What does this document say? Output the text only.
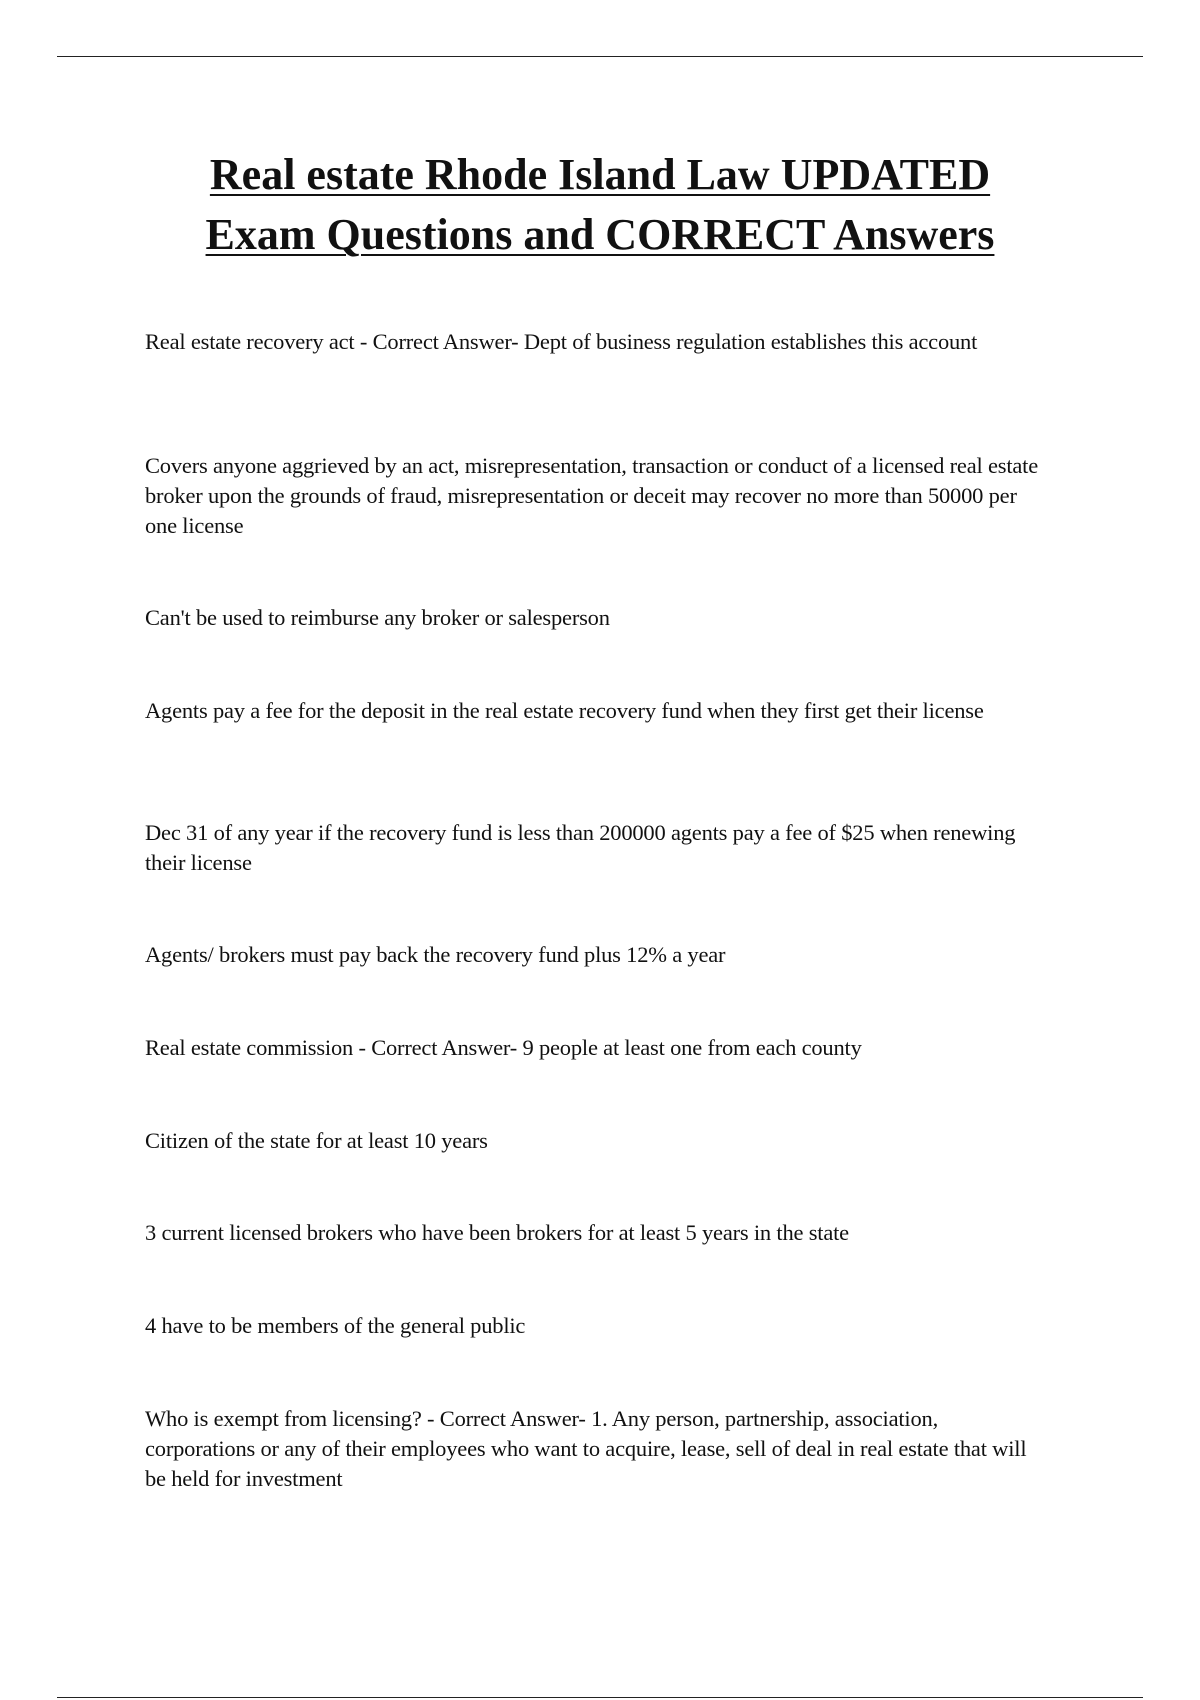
Real estate Rhode Island Law UPDATED
Exam Questions and CORRECT Answers

Real estate recovery act - Correct Answer- Dept of business regulation establishes this account

Covers anyone aggrieved by an act, misrepresentation, transaction or conduct of a licensed real estate broker upon the grounds of fraud, misrepresentation or deceit may recover no more than 50000 per one license

Can't be used to reimburse any broker or salesperson

Agents pay a fee for the deposit in the real estate recovery fund when they first get their license

Dec 31 of any year if the recovery fund is less than 200000 agents pay a fee of $25 when renewing their license

Agents/ brokers must pay back the recovery fund plus 12% a year

Real estate commission - Correct Answer- 9 people at least one from each county

Citizen of the state for at least 10 years

3 current licensed brokers who have been brokers for at least 5 years in the state

4 have to be members of the general public

Who is exempt from licensing? - Correct Answer- 1. Any person, partnership, association, corporations or any of their employees who want to acquire, lease, sell of deal in real estate that will be held for investment
